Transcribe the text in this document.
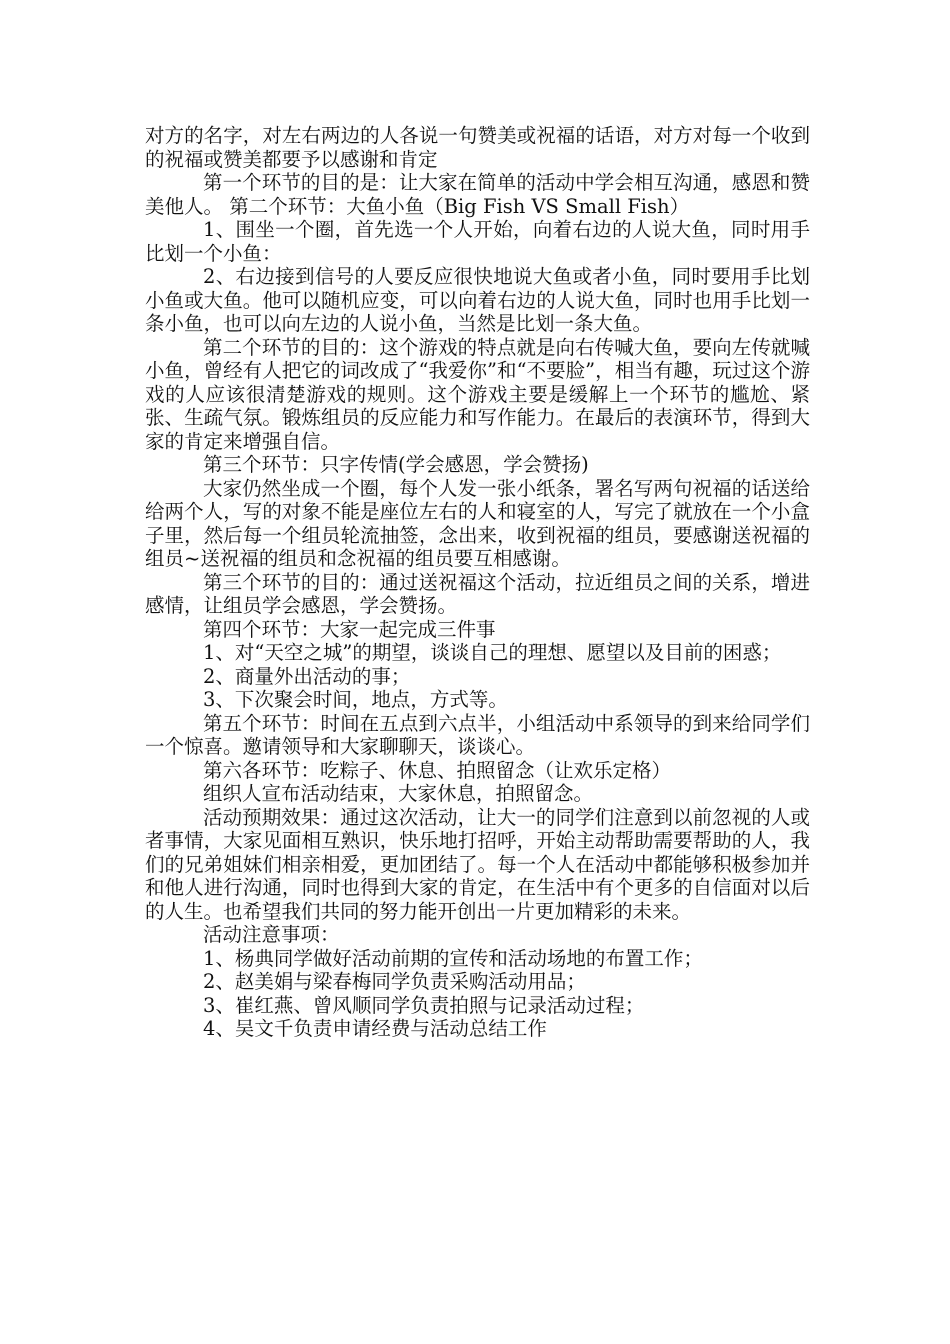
对方的名字，对左右两边的人各说一句赞美或祝福的话语，对方对每一个收到的祝福或赞美都要予以感谢和肯定

第一个环节的目的是：让大家在简单的活动中学会相互沟通，感恩和赞美他人。 第二个环节：大鱼小鱼（Big Fish VS Small Fish）

1、围坐一个圈，首先选一个人开始，向着右边的人说大鱼，同时用手比划一个小鱼：

2、右边接到信号的人要反应很快地说大鱼或者小鱼，同时要用手比划小鱼或大鱼。他可以随机应变，可以向着右边的人说大鱼，同时也用手比划一条小鱼，也可以向左边的人说小鱼，当然是比划一条大鱼。

第二个环节的目的：这个游戏的特点就是向右传喊大鱼，要向左传就喊小鱼，曾经有人把它的词改成了“我爱你”和“不要脸”，相当有趣，玩过这个游戏的人应该很清楚游戏的规则。这个游戏主要是缓解上一个环节的尴尬、紧张、生疏气氛。锻炼组员的反应能力和写作能力。在最后的表演环节，得到大家的肯定来增强自信。

第三个环节：只字传情(学会感恩，学会赞扬)

大家仍然坐成一个圈，每个人发一张小纸条，署名写两句祝福的话送给给两个人，写的对象不能是座位左右的人和寝室的人，写完了就放在一个小盒子里，然后每一个组员轮流抽签，念出来，收到祝福的组员，要感谢送祝福的组员~送祝福的组员和念祝福的组员要互相感谢。

第三个环节的目的：通过送祝福这个活动，拉近组员之间的关系，增进感情，让组员学会感恩，学会赞扬。

第四个环节：大家一起完成三件事

1、对“天空之城”的期望，谈谈自己的理想、愿望以及目前的困惑；

2、商量外出活动的事；

3、下次聚会时间，地点，方式等。

第五个环节：时间在五点到六点半，小组活动中系领导的到来给同学们一个惊喜。邀请领导和大家聊聊天，谈谈心。

第六各环节：吃粽子、休息、拍照留念（让欢乐定格）

组织人宣布活动结束，大家休息，拍照留念。

活动预期效果：通过这次活动，让大一的同学们注意到以前忽视的人或者事情，大家见面相互熟识，快乐地打招呼，开始主动帮助需要帮助的人，我们的兄弟姐妹们相亲相爱，更加团结了。每一个人在活动中都能够积极参加并和他人进行沟通，同时也得到大家的肯定，在生活中有个更多的自信面对以后的人生。也希望我们共同的努力能开创出一片更加精彩的未来。

活动注意事项：

1、杨典同学做好活动前期的宣传和活动场地的布置工作；

2、赵美娟与梁春梅同学负责采购活动用品；

3、崔红燕、曾风顺同学负责拍照与记录活动过程；

4、吴文千负责申请经费与活动总结工作
